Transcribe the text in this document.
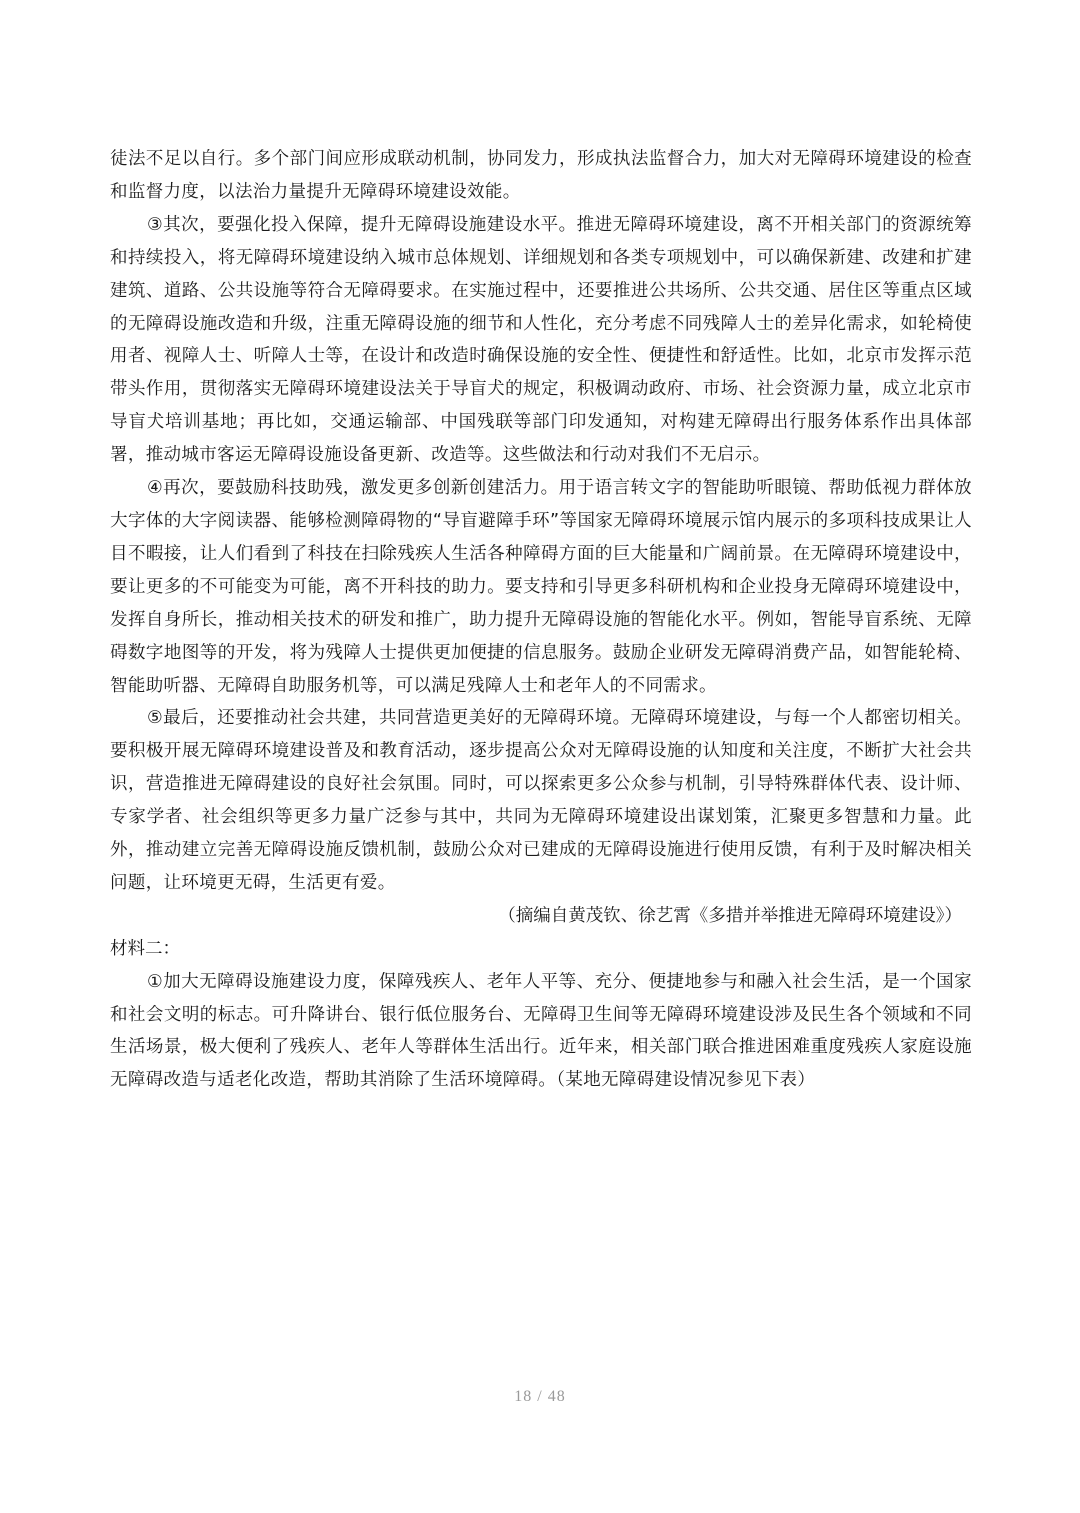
徒法不足以自行。多个部门间应形成联动机制，协同发力，形成执法监督合力，加大对无障碍环境建设的检查和监督力度，以法治力量提升无障碍环境建设效能。

③其次，要强化投入保障，提升无障碍设施建设水平。推进无障碍环境建设，离不开相关部门的资源统筹和持续投入，将无障碍环境建设纳入城市总体规划、详细规划和各类专项规划中，可以确保新建、改建和扩建建筑、道路、公共设施等符合无障碍要求。在实施过程中，还要推进公共场所、公共交通、居住区等重点区域的无障碍设施改造和升级，注重无障碍设施的细节和人性化，充分考虑不同残障人士的差异化需求，如轮椅使用者、视障人士、听障人士等，在设计和改造时确保设施的安全性、便捷性和舒适性。比如，北京市发挥示范带头作用，贯彻落实无障碍环境建设法关于导盲犬的规定，积极调动政府、市场、社会资源力量，成立北京市导盲犬培训基地；再比如，交通运输部、中国残联等部门印发通知，对构建无障碍出行服务体系作出具体部署，推动城市客运无障碍设施设备更新、改造等。这些做法和行动对我们不无启示。

④再次，要鼓励科技助残，激发更多创新创建活力。用于语言转文字的智能助听眼镜、帮助低视力群体放大字体的大字阅读器、能够检测障碍物的“导盲避障手环”等国家无障碍环境展示馆内展示的多项科技成果让人目不暇接，让人们看到了科技在扫除残疾人生活各种障碍方面的巨大能量和广阔前景。在无障碍环境建设中，要让更多的不可能变为可能，离不开科技的助力。要支持和引导更多科研机构和企业投身无障碍环境建设中，发挥自身所长，推动相关技术的研发和推广，助力提升无障碍设施的智能化水平。例如，智能导盲系统、无障碍数字地图等的开发，将为残障人士提供更加便捷的信息服务。鼓励企业研发无障碍消费产品，如智能轮椅、智能助听器、无障碍自助服务机等，可以满足残障人士和老年人的不同需求。

⑤最后，还要推动社会共建，共同营造更美好的无障碍环境。无障碍环境建设，与每一个人都密切相关。要积极开展无障碍环境建设普及和教育活动，逐步提高公众对无障碍设施的认知度和关注度，不断扩大社会共识，营造推进无障碍建设的良好社会氛围。同时，可以探索更多公众参与机制，引导特殊群体代表、设计师、专家学者、社会组织等更多力量广泛参与其中，共同为无障碍环境建设出谋划策，汇聚更多智慧和力量。此外，推动建立完善无障碍设施反馈机制，鼓励公众对已建成的无障碍设施进行使用反馈，有利于及时解决相关问题，让环境更无碍，生活更有爱。

（摘编自黄茂钦、徐艺霄《多措并举推进无障碍环境建设》）

材料二：

①加大无障碍设施建设力度，保障残疾人、老年人平等、充分、便捷地参与和融入社会生活，是一个国家和社会文明的标志。可升降讲台、银行低位服务台、无障碍卫生间等无障碍环境建设涉及民生各个领域和不同生活场景，极大便利了残疾人、老年人等群体生活出行。近年来，相关部门联合推进困难重度残疾人家庭设施无障碍改造与适老化改造，帮助其消除了生活环境障碍。（某地无障碍建设情况参见下表）

18 / 48
